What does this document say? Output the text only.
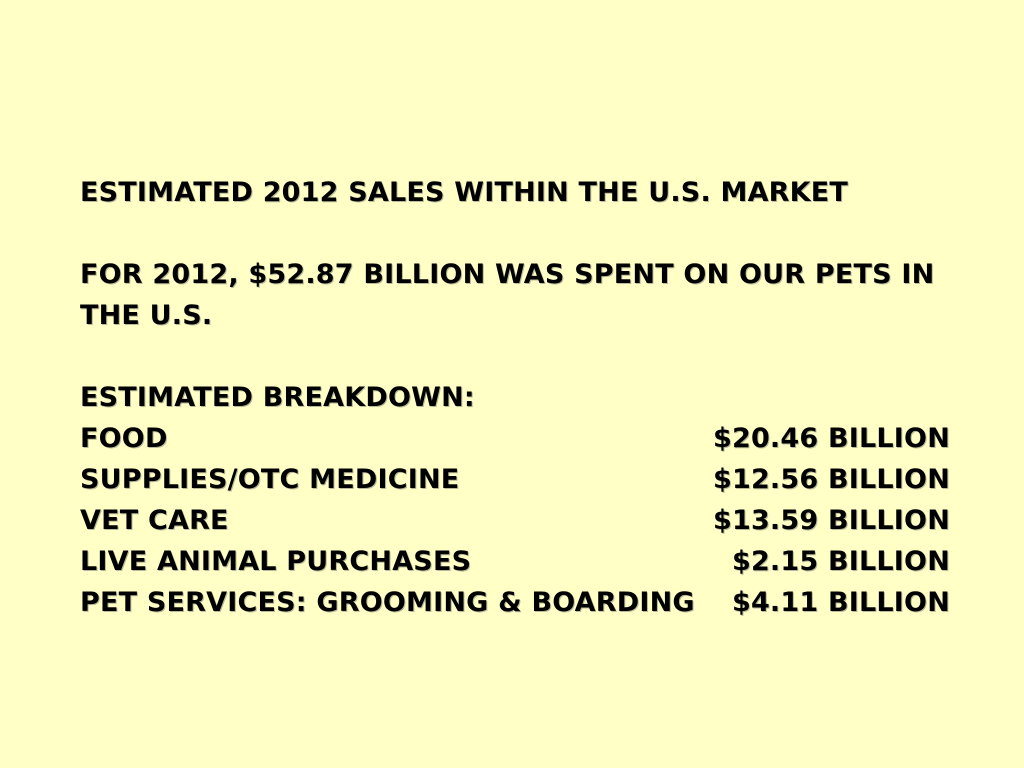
ESTIMATED 2012 SALES WITHIN THE U.S. MARKET
FOR 2012, $52.87 BILLION WAS SPENT ON OUR PETS IN THE U.S.
ESTIMATED BREAKDOWN:
FOOD	$20.46 BILLION
SUPPLIES/OTC MEDICINE	$12.56 BILLION
VET CARE	$13.59 BILLION
LIVE ANIMAL PURCHASES	$2.15 BILLION
PET SERVICES: GROOMING & BOARDING $4.11 BILLION
